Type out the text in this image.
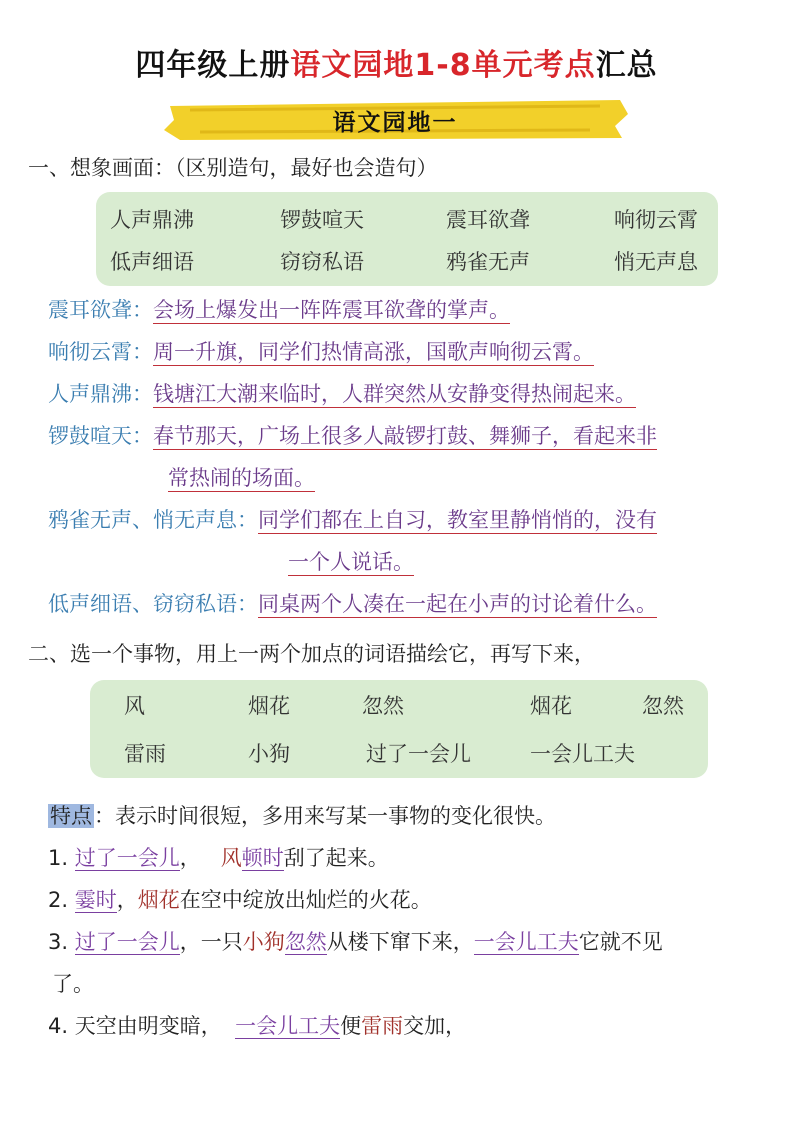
四年级上册语文园地1-8单元考点汇总
语文园地一
一、想象画面：（区别造句，最好也会造句）
人声鼎沸	锣鼓喧天	震耳欲聋	响彻云霄
低声细语	窃窃私语	鸦雀无声	悄无声息
震耳欲聋：会场上爆发出一阵阵震耳欲聋的掌声。
响彻云霄：周一升旗，同学们热情高涨，国歌声响彻云霄。
人声鼎沸：钱塘江大潮来临时，人群突然从安静变得热闹起来。
锣鼓喧天：春节那天，广场上很多人敲锣打鼓、舞狮子，看起来非
常热闹的场面。
鸦雀无声、悄无声息：同学们都在上自习，教室里静悄悄的，没有
一个人说话。
低声细语、窃窃私语：同桌两个人凑在一起在小声的讨论着什么。
二、选一个事物，用上一两个加点的词语描绘它，再写下来，
风	烟花	忽然	烟花	忽然
雷雨	小狗	过了一会儿	一会儿工夫
特点：表示时间很短，多用来写某一事物的变化很快。
1. 过了一会儿， 风顿时刮了起来。
2. 霎时，烟花在空中绽放出灿烂的火花。
3. 过了一会儿，一只小狗忽然从楼下窜下来，一会儿工夫它就不见
了。
4. 天空由明变暗， 一会儿工夫便雷雨交加，
